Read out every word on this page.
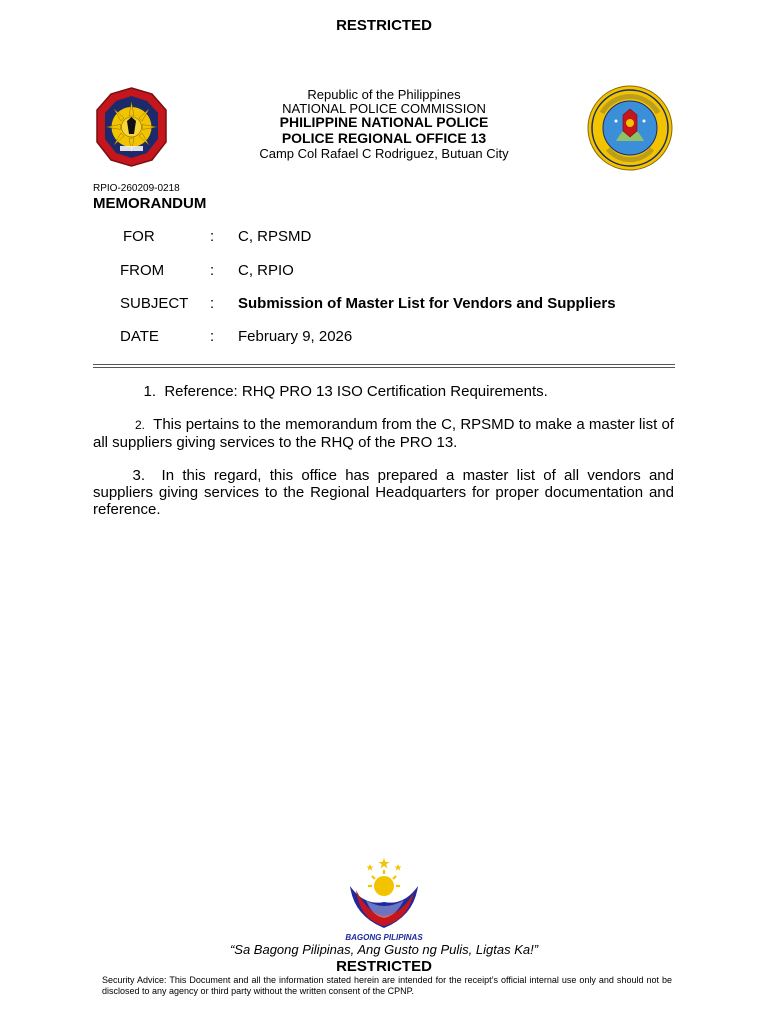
RESTRICTED
Republic of the Philippines
NATIONAL POLICE COMMISSION
PHILIPPINE NATIONAL POLICE
POLICE REGIONAL OFFICE 13
Camp Col Rafael C Rodriguez, Butuan City
RPIO-260209-0218
MEMORANDUM
FOR	: C, RPSMD
FROM	: C, RPIO
SUBJECT : Submission of Master List for Vendors and Suppliers
DATE	: February 9, 2026
1. Reference: RHQ PRO 13 ISO Certification Requirements.
2. This pertains to the memorandum from the C, RPSMD to make a master list of all suppliers giving services to the RHQ of the PRO 13.
3. In this regard, this office has prepared a master list of all vendors and suppliers giving services to the Regional Headquarters for proper documentation and reference.
BAGONG PILIPINAS
“Sa Bagong Pilipinas, Ang Gusto ng Pulis, Ligtas Ka!”
RESTRICTED
Security Advice: This Document and all the information stated herein are intended for the receipt’s official internal use only and should not be disclosed to any agency or third party without the written consent of the CPNP.
